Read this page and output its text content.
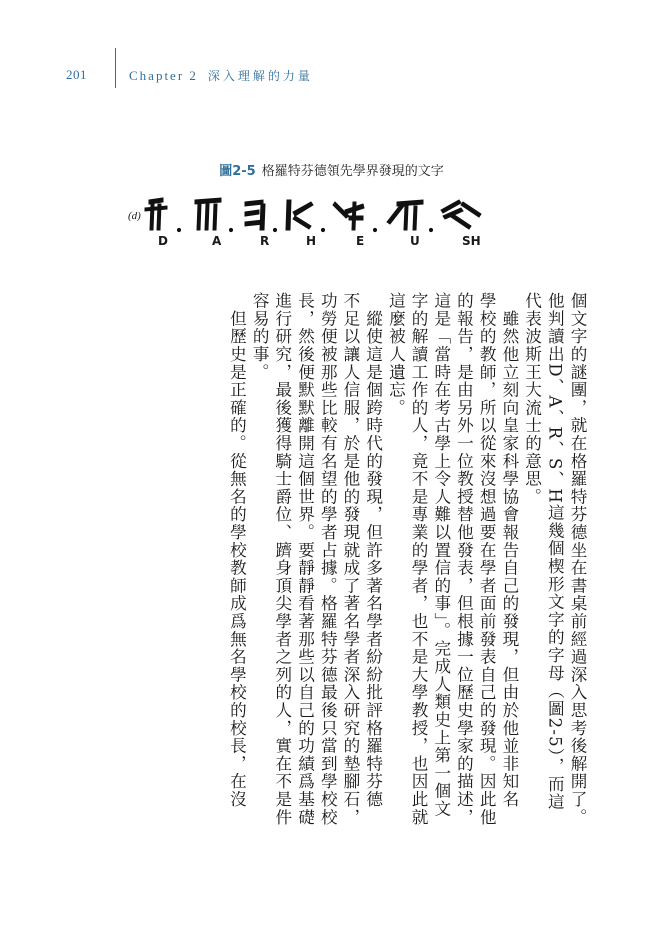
201	Chapter 2 深入理解的力量
圖2-5 格羅特芬德領先學界發現的文字
(d)
D	A	R	H	E	U	SH
個文字的謎團，就在格羅特芬德坐在書桌前經過深入思考後解開了。
他判讀出D、A、R、S、H這幾個楔形文字的字母（圖2-5），而這
代表波斯王大流士的意思。
　雖然他立刻向皇家科學協會報告自己的發現，但由於他並非知名
學校的教師，所以從來沒想過要在學者面前發表自己的發現。因此他
的報告，是由另外一位教授替他發表，但根據一位歷史學家的描述，
這是「當時在考古學上令人難以置信的事」。完成人類史上第一個文
字的解讀工作的人，竟不是專業的學者，也不是大學教授，也因此就
這麼被人遺忘。
　縱使這是個跨時代的發現，但許多著名學者紛紛批評格羅特芬德
不足以讓人信服，於是他的發現就成了著名學者深入研究的墊腳石，
功勞便被那些比較有名望的學者占據。格羅特芬德最後只當到學校校
長，然後便默默離開這個世界。要靜靜看著那些以自己的功績爲基礎
進行研究，最後獲得騎士爵位、躋身頂尖學者之列的人，實在不是件
容易的事。
　但歷史是正確的。從無名的學校教師成爲無名學校的校長，在沒
